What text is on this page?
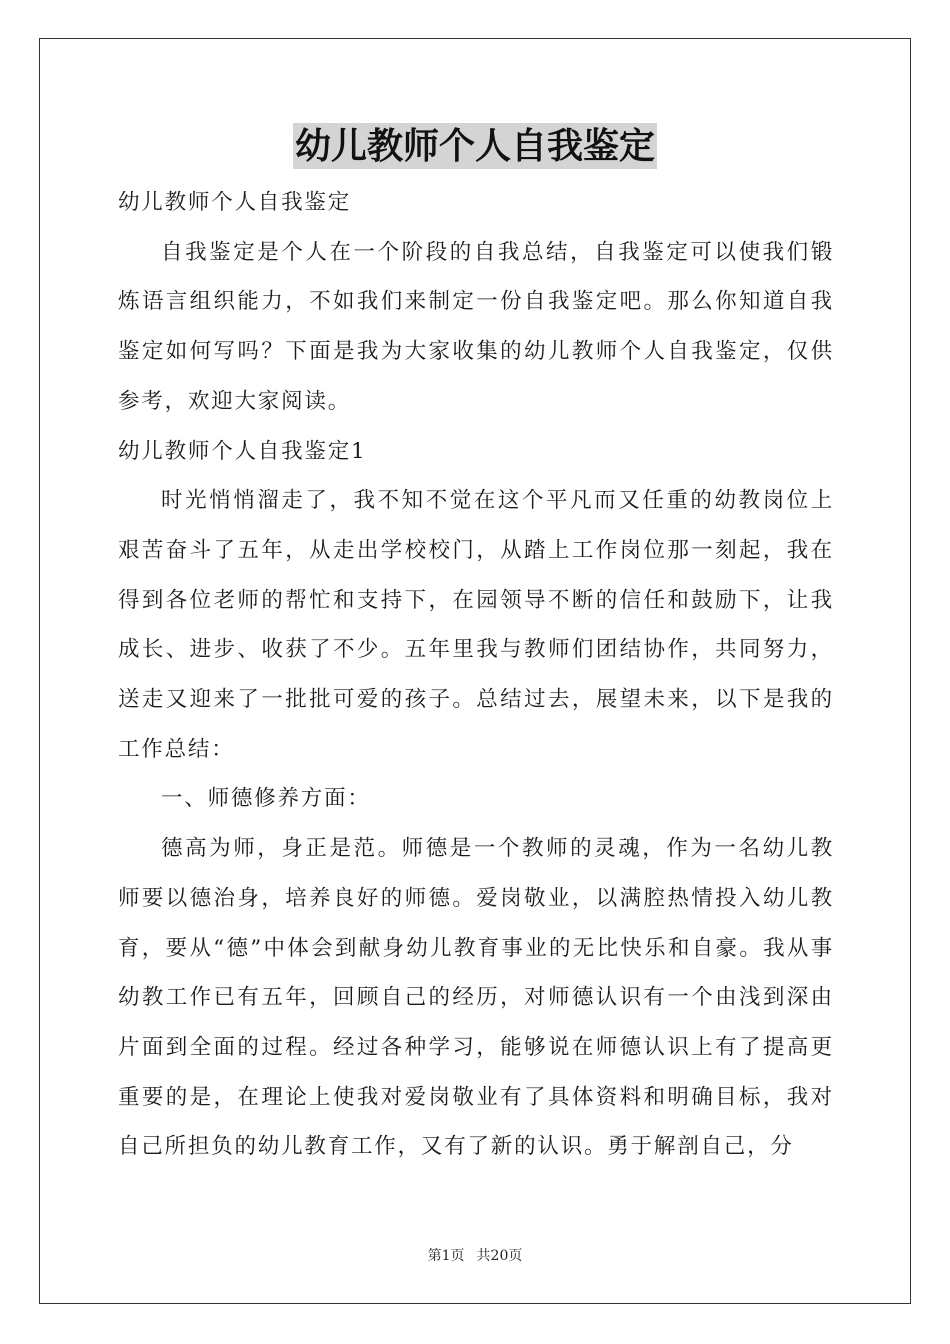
幼儿教师个人自我鉴定

幼儿教师个人自我鉴定

自我鉴定是个人在一个阶段的自我总结，自我鉴定可以使我们锻炼语言组织能力，不如我们来制定一份自我鉴定吧。那么你知道自我鉴定如何写吗？下面是我为大家收集的幼儿教师个人自我鉴定，仅供参考，欢迎大家阅读。

幼儿教师个人自我鉴定1

时光悄悄溜走了，我不知不觉在这个平凡而又任重的幼教岗位上艰苦奋斗了五年，从走出学校校门，从踏上工作岗位那一刻起，我在得到各位老师的帮忙和支持下，在园领导不断的信任和鼓励下，让我成长、进步、收获了不少。五年里我与教师们团结协作，共同努力，送走又迎来了一批批可爱的孩子。总结过去，展望未来，以下是我的工作总结：

一、师德修养方面：

德高为师，身正是范。师德是一个教师的灵魂，作为一名幼儿教师要以德治身，培养良好的师德。爱岗敬业，以满腔热情投入幼儿教育，要从“德”中体会到献身幼儿教育事业的无比快乐和自豪。我从事幼教工作已有五年，回顾自己的经历，对师德认识有一个由浅到深由片面到全面的过程。经过各种学习，能够说在师德认识上有了提高更重要的是，在理论上使我对爱岗敬业有了具体资料和明确目标，我对自己所担负的幼儿教育工作，又有了新的认识。勇于解剖自己，分

第1页 共20页
